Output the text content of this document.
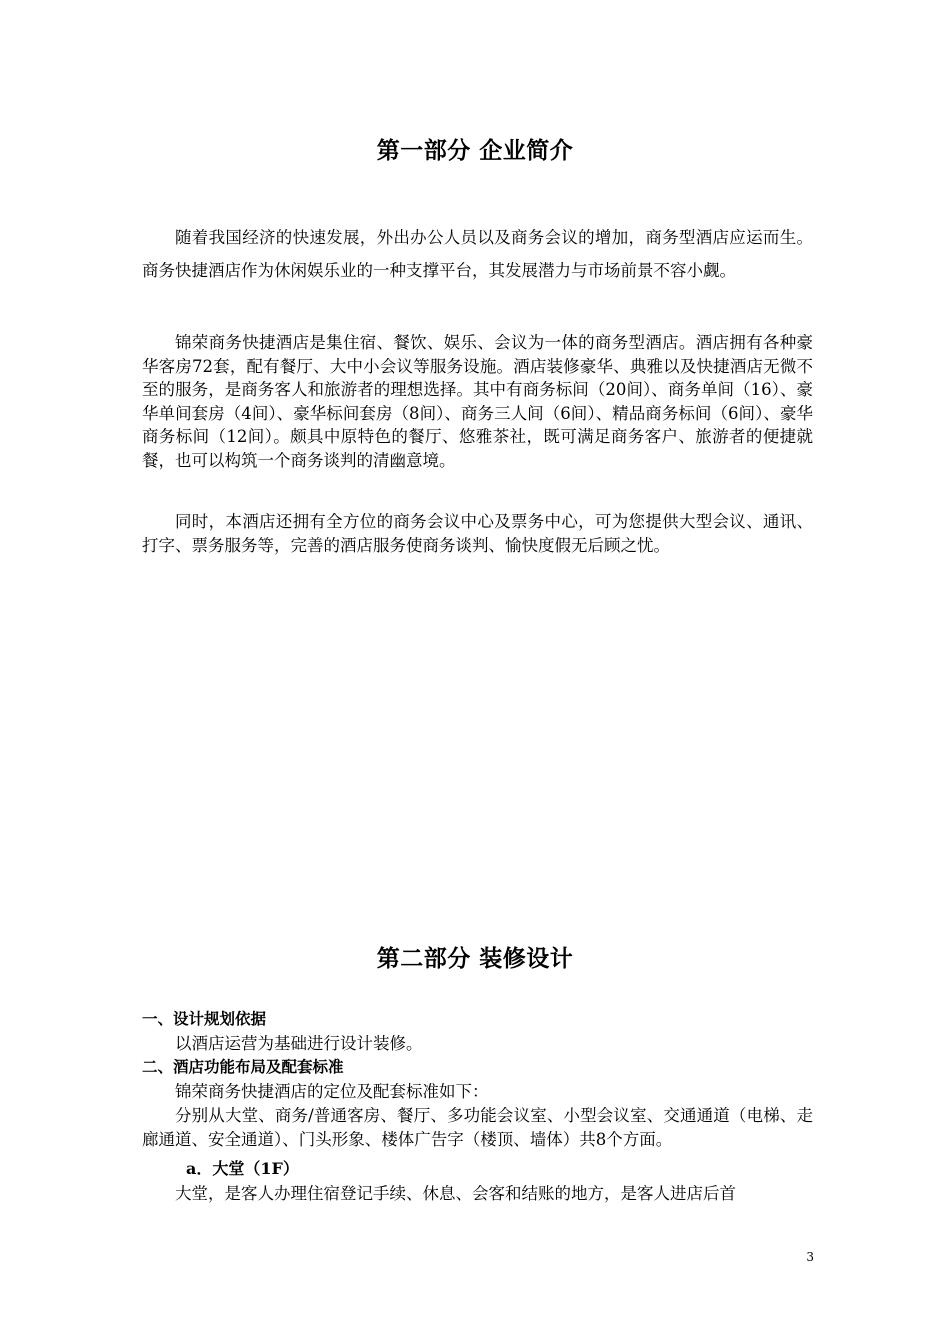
第一部分 企业简介

随着我国经济的快速发展，外出办公人员以及商务会议的增加，商务型酒店应运而生。商务快捷酒店作为休闲娱乐业的一种支撑平台，其发展潜力与市场前景不容小觑。

锦荣商务快捷酒店是集住宿、餐饮、娱乐、会议为一体的商务型酒店。酒店拥有各种豪华客房72套，配有餐厅、大中小会议等服务设施。酒店装修豪华、典雅以及快捷酒店无微不至的服务，是商务客人和旅游者的理想选择。其中有商务标间（20间）、商务单间（16）、豪华单间套房（4间）、豪华标间套房（8间）、商务三人间（6间）、精品商务标间（6间）、豪华商务标间（12间）。颇具中原特色的餐厅、悠雅茶社，既可满足商务客户、旅游者的便捷就餐，也可以构筑一个商务谈判的清幽意境。

同时，本酒店还拥有全方位的商务会议中心及票务中心，可为您提供大型会议、通讯、打字、票务服务等，完善的酒店服务使商务谈判、愉快度假无后顾之忧。

第二部分 装修设计

一、设计规划依据

以酒店运营为基础进行设计装修。

二、酒店功能布局及配套标准

锦荣商务快捷酒店的定位及配套标准如下：

分别从大堂、商务/普通客房、餐厅、多功能会议室、小型会议室、交通通道（电梯、走廊通道、安全通道）、门头形象、楼体广告字（楼顶、墙体）共8个方面。

a．大堂（1F）

大堂，是客人办理住宿登记手续、休息、会客和结账的地方，是客人进店后首

3
